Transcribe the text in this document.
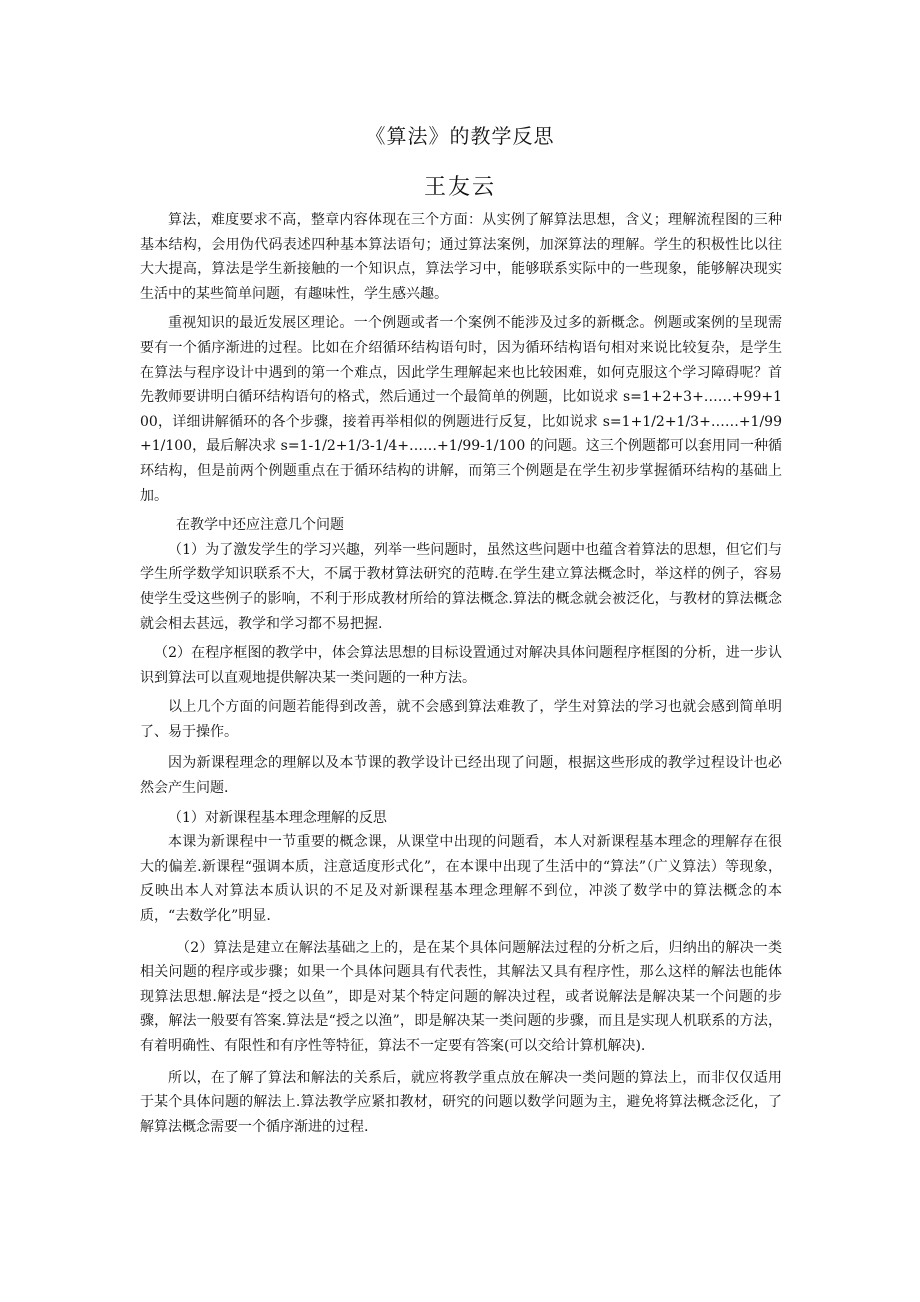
《算法》的教学反思
王友云

算法，难度要求不高，整章内容体现在三个方面：从实例了解算法思想，含义；理解流程图的三种基本结构，会用伪代码表述四种基本算法语句；通过算法案例，加深算法的理解。学生的积极性比以往大大提高，算法是学生新接触的一个知识点，算法学习中，能够联系实际中的一些现象，能够解决现实生活中的某些简单问题，有趣味性，学生感兴趣。

重视知识的最近发展区理论。一个例题或者一个案例不能涉及过多的新概念。例题或案例的呈现需要有一个循序渐进的过程。比如在介绍循环结构语句时，因为循环结构语句相对来说比较复杂，是学生在算法与程序设计中遇到的第一个难点，因此学生理解起来也比较困难，如何克服这个学习障碍呢？首先教师要讲明白循环结构语句的格式，然后通过一个最简单的例题，比如说求 s=1+2+3+……+99+100，详细讲解循环的各个步骤，接着再举相似的例题进行反复，比如说求 s=1+1/2+1/3+……+1/99+1/100，最后解决求 s=1-1/2+1/3-1/4+……+1/99-1/100 的问题。这三个例题都可以套用同一种循环结构，但是前两个例题重点在于循环结构的讲解，而第三个例题是在学生初步掌握循环结构的基础上加。

在教学中还应注意几个问题

（1）为了激发学生的学习兴趣，列举一些问题时，虽然这些问题中也蕴含着算法的思想，但它们与学生所学数学知识联系不大，不属于教材算法研究的范畴.在学生建立算法概念时，举这样的例子，容易使学生受这些例子的影响，不利于形成教材所给的算法概念.算法的概念就会被泛化，与教材的算法概念就会相去甚远，教学和学习都不易把握.

（2）在程序框图的教学中，体会算法思想的目标设置通过对解决具体问题程序框图的分析，进一步认识到算法可以直观地提供解决某一类问题的一种方法。

以上几个方面的问题若能得到改善，就不会感到算法难教了，学生对算法的学习也就会感到简单明了、易于操作。

因为新课程理念的理解以及本节课的教学设计已经出现了问题，根据这些形成的教学过程设计也必然会产生问题.

（1）对新课程基本理念理解的反思

本课为新课程中一节重要的概念课，从课堂中出现的问题看，本人对新课程基本理念的理解存在很大的偏差.新课程“强调本质，注意适度形式化”，在本课中出现了生活中的“算法”（广义算法）等现象，反映出本人对算法本质认识的不足及对新课程基本理念理解不到位，冲淡了数学中的算法概念的本质，“去数学化”明显.

（2）算法是建立在解法基础之上的，是在某个具体问题解法过程的分析之后，归纳出的解决一类相关问题的程序或步骤；如果一个具体问题具有代表性，其解法又具有程序性，那么这样的解法也能体现算法思想.解法是“授之以鱼”，即是对某个特定问题的解决过程，或者说解法是解决某一个问题的步骤，解法一般要有答案.算法是“授之以渔”，即是解决某一类问题的步骤，而且是实现人机联系的方法，有着明确性、有限性和有序性等特征，算法不一定要有答案(可以交给计算机解决).

所以，在了解了算法和解法的关系后，就应将教学重点放在解决一类问题的算法上，而非仅仅适用于某个具体问题的解法上.算法教学应紧扣教材，研究的问题以数学问题为主，避免将算法概念泛化，了解算法概念需要一个循序渐进的过程.
